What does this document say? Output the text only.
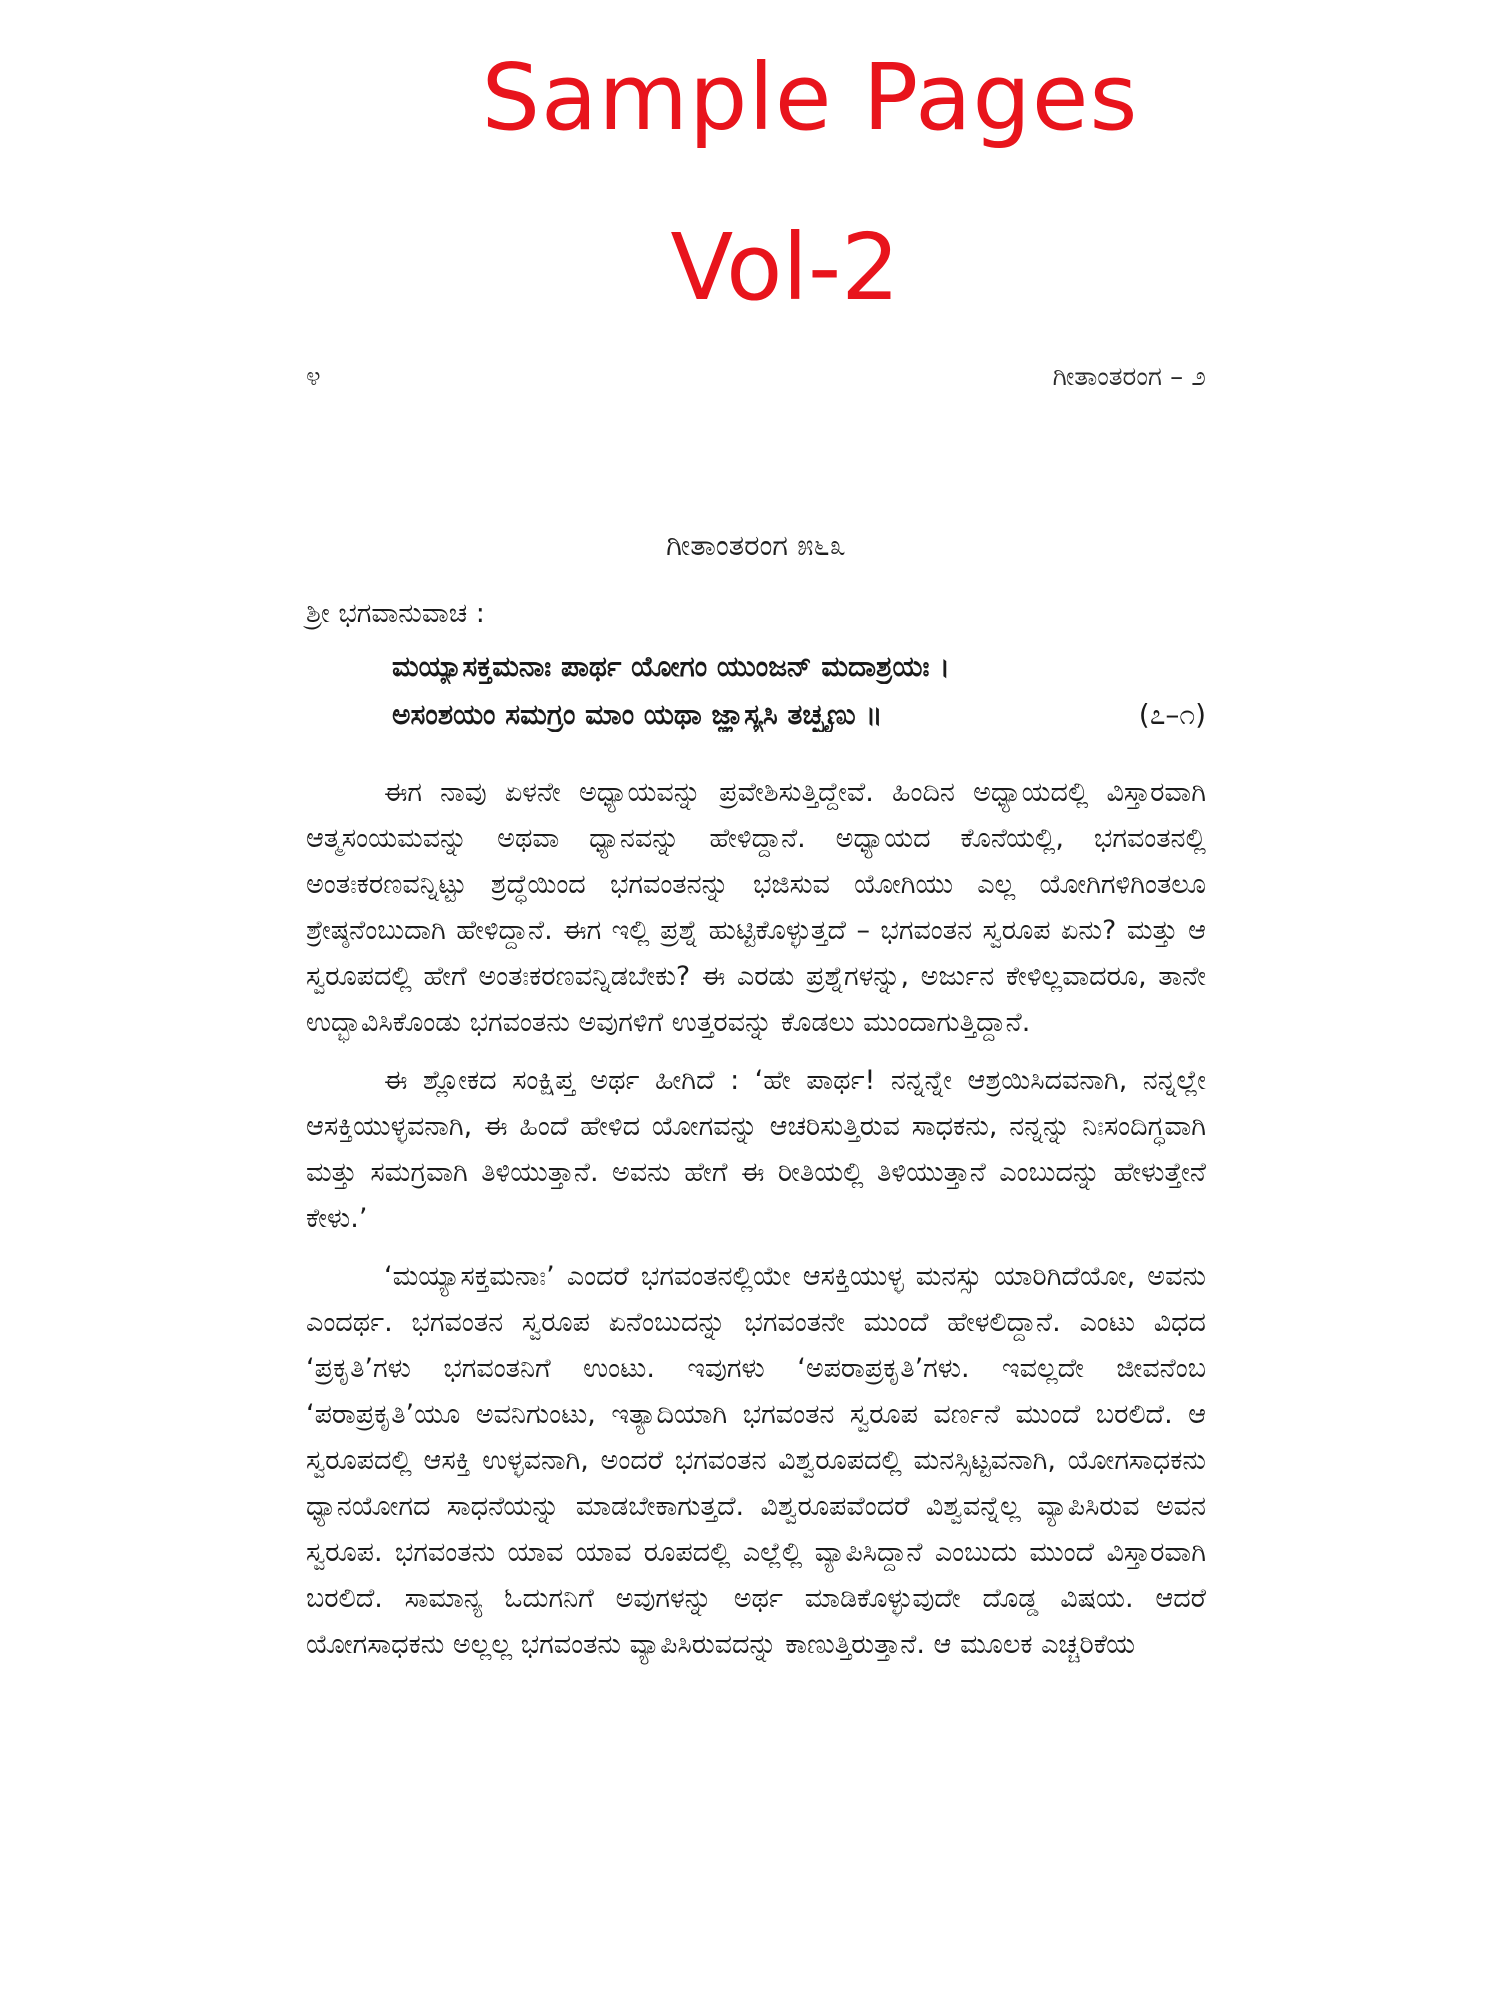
Sample Pages
Vol-2
೪	ಗೀತಾಂತರಂಗ – ೨
ಗೀತಾಂತರಂಗ ೫೬೩
ಶ್ರೀ ಭಗವಾನುವಾಚ :
ಮಯ್ಯಾಸಕ್ತಮನಾಃ ಪಾರ್ಥ ಯೋಗಂ ಯುಂಜನ್ ಮದಾಶ್ರಯಃ ।
ಅಸಂಶಯಂ ಸಮಗ್ರಂ ಮಾಂ ಯಥಾ ಜ್ಞಾಸ್ಯಸಿ ತಚ್ಛೃಣು ॥	(೭–೧)

ಈಗ ನಾವು ಏಳನೇ ಅಧ್ಯಾಯವನ್ನು ಪ್ರವೇಶಿಸುತ್ತಿದ್ದೇವೆ. ಹಿಂದಿನ ಅಧ್ಯಾಯದಲ್ಲಿ ವಿಸ್ತಾರವಾಗಿ ಆತ್ಮಸಂಯಮವನ್ನು ಅಥವಾ ಧ್ಯಾನವನ್ನು ಹೇಳಿದ್ದಾನೆ. ಅಧ್ಯಾಯದ ಕೊನೆಯಲ್ಲಿ, ಭಗವಂತನಲ್ಲಿ ಅಂತಃಕರಣವನ್ನಿಟ್ಟು ಶ್ರದ್ಧೆಯಿಂದ ಭಗವಂತನನ್ನು ಭಜಿಸುವ ಯೋಗಿಯು ಎಲ್ಲ ಯೋಗಿಗಳಿಗಿಂತಲೂ ಶ್ರೇಷ್ಠನೆಂಬುದಾಗಿ ಹೇಳಿದ್ದಾನೆ. ಈಗ ಇಲ್ಲಿ ಪ್ರಶ್ನೆ ಹುಟ್ಟಿಕೊಳ್ಳುತ್ತದೆ – ಭಗವಂತನ ಸ್ವರೂಪ ಏನು? ಮತ್ತು ಆ ಸ್ವರೂಪದಲ್ಲಿ ಹೇಗೆ ಅಂತಃಕರಣವನ್ನಿಡಬೇಕು? ಈ ಎರಡು ಪ್ರಶ್ನೆಗಳನ್ನು, ಅರ್ಜುನ ಕೇಳಿಲ್ಲವಾದರೂ, ತಾನೇ ಉದ್ಭಾವಿಸಿಕೊಂಡು ಭಗವಂತನು ಅವುಗಳಿಗೆ ಉತ್ತರವನ್ನು ಕೊಡಲು ಮುಂದಾಗುತ್ತಿದ್ದಾನೆ.

ಈ ಶ್ಲೋಕದ ಸಂಕ್ಷಿಪ್ತ ಅರ್ಥ ಹೀಗಿದೆ : ‘ಹೇ ಪಾರ್ಥ! ನನ್ನನ್ನೇ ಆಶ್ರಯಿಸಿದವನಾಗಿ, ನನ್ನಲ್ಲೇ ಆಸಕ್ತಿಯುಳ್ಳವನಾಗಿ, ಈ ಹಿಂದೆ ಹೇಳಿದ ಯೋಗವನ್ನು ಆಚರಿಸುತ್ತಿರುವ ಸಾಧಕನು, ನನ್ನನ್ನು ನಿಃಸಂದಿಗ್ಧವಾಗಿ ಮತ್ತು ಸಮಗ್ರವಾಗಿ ತಿಳಿಯುತ್ತಾನೆ. ಅವನು ಹೇಗೆ ಈ ರೀತಿಯಲ್ಲಿ ತಿಳಿಯುತ್ತಾನೆ ಎಂಬುದನ್ನು ಹೇಳುತ್ತೇನೆ ಕೇಳು.’

‘ಮಯ್ಯಾಸಕ್ತಮನಾಃ’ ಎಂದರೆ ಭಗವಂತನಲ್ಲಿಯೇ ಆಸಕ್ತಿಯುಳ್ಳ ಮನಸ್ಸು ಯಾರಿಗಿದೆಯೋ, ಅವನು ಎಂದರ್ಥ. ಭಗವಂತನ ಸ್ವರೂಪ ಏನೆಂಬುದನ್ನು ಭಗವಂತನೇ ಮುಂದೆ ಹೇಳಲಿದ್ದಾನೆ. ಎಂಟು ವಿಧದ ‘ಪ್ರಕೃತಿ’ಗಳು ಭಗವಂತನಿಗೆ ಉಂಟು. ಇವುಗಳು ‘ಅಪರಾಪ್ರಕೃತಿ’ಗಳು. ಇವಲ್ಲದೇ ಜೀವನೆಂಬ ‘ಪರಾಪ್ರಕೃತಿ’ಯೂ ಅವನಿಗುಂಟು, ಇತ್ಯಾದಿಯಾಗಿ ಭಗವಂತನ ಸ್ವರೂಪ ವರ್ಣನೆ ಮುಂದೆ ಬರಲಿದೆ. ಆ ಸ್ವರೂಪದಲ್ಲಿ ಆಸಕ್ತಿ ಉಳ್ಳವನಾಗಿ, ಅಂದರೆ ಭಗವಂತನ ವಿಶ್ವರೂಪದಲ್ಲಿ ಮನಸ್ಸಿಟ್ಟವನಾಗಿ, ಯೋಗಸಾಧಕನು ಧ್ಯಾನಯೋಗದ ಸಾಧನೆಯನ್ನು ಮಾಡಬೇಕಾಗುತ್ತದೆ. ವಿಶ್ವರೂಪವೆಂದರೆ ವಿಶ್ವವನ್ನೆಲ್ಲ ವ್ಯಾಪಿಸಿರುವ ಅವನ ಸ್ವರೂಪ. ಭಗವಂತನು ಯಾವ ಯಾವ ರೂಪದಲ್ಲಿ ಎಲ್ಲೆಲ್ಲಿ ವ್ಯಾಪಿಸಿದ್ದಾನೆ ಎಂಬುದು ಮುಂದೆ ವಿಸ್ತಾರವಾಗಿ ಬರಲಿದೆ. ಸಾಮಾನ್ಯ ಓದುಗನಿಗೆ ಅವುಗಳನ್ನು ಅರ್ಥ ಮಾಡಿಕೊಳ್ಳುವುದೇ ದೊಡ್ಡ ವಿಷಯ. ಆದರೆ ಯೋಗಸಾಧಕನು ಅಲ್ಲಲ್ಲ ಭಗವಂತನು ವ್ಯಾಪಿಸಿರುವದನ್ನು ಕಾಣುತ್ತಿರುತ್ತಾನೆ. ಆ ಮೂಲಕ ಎಚ್ಚರಿಕೆಯ
